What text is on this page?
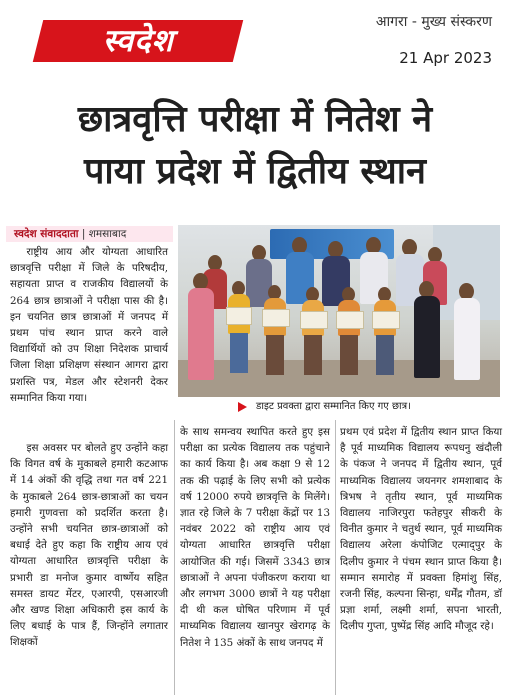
स्वदेश
आगरा - मुख्य संस्करण
21 Apr 2023
छात्रवृत्ति परीक्षा में नितेश ने
पाया प्रदेश में द्वितीय स्थान
स्वदेश संवाददाता | शमसाबाद

राष्ट्रीय आय और योग्यता आधारित छात्रवृत्ति परीक्षा में जिले के परिषदीय, सहायता प्राप्त व राजकीय विद्यालयों के 264 छात्र छात्राओं ने परीक्षा पास की है। इन चयनित छात्र छात्राओं में जनपद में प्रथम पांच स्थान प्राप्त करने वाले विद्यार्थियों को उप शिक्षा निदेशक प्राचार्य जिला शिक्षा प्रशिक्षण संस्थान आगरा द्वारा प्रशस्ति पत्र, मेडल और स्टेशनरी देकर सम्मानित किया गया।

इस अवसर पर बोलते हुए उन्होंने कहा कि विगत वर्ष के मुकाबले हमारी कटआफ में 14 अंकों की वृद्धि तथा गत वर्ष 221 के मुकाबले 264 छात्र-छात्राओं का चयन हमारी गुणवत्ता को प्रदर्शित करता है। उन्होंने सभी चयनित छात्र-छात्राओं को बधाई देते हुए कहा कि राष्ट्रीय आय एवं योग्यता आधारित छात्रवृत्ति परीक्षा के प्रभारी डा मनोज कुमार वार्ष्णेय सहित समस्त डायट मेंटर, एआरपी, एसआरजी और खण्ड शिक्षा अधिकारी इस कार्य के लिए बधाई के पात्र हैं, जिन्होंने लगातार शिक्षकों

डाइट प्रवक्ता द्वारा सम्मानित किए गए छात्र।

के साथ समन्वय स्थापित करते हुए इस परीक्षा का प्रत्येक विद्यालय तक पहुंचाने का कार्य किया है। अब कक्षा 9 से 12 तक की पढ़ाई के लिए सभी को प्रत्येक वर्ष 12000 रुपये छात्रवृत्ति के मिलेंगे। ज्ञात रहे जिले के 7 परीक्षा केंद्रों पर 13 नवंबर 2022 को राष्ट्रीय आय एवं योग्यता आधारित छात्रवृत्ति परीक्षा आयोजित की गई। जिसमें 3343 छात्र छात्राओं ने अपना पंजीकरण कराया था और लगभग 3000 छात्रों ने यह परीक्षा दी थी कल घोषित परिणाम में पूर्व माध्यमिक विद्यालय खानपुर खेरागढ़ के नितेश ने 135 अंकों के साथ जनपद में

प्रथम एवं प्रदेश में द्वितीय स्थान प्राप्त किया है पूर्व माध्यमिक विद्यालय रूपधनु खंदौली के पंकज ने जनपद में द्वितीय स्थान, पूर्व माध्यमिक विद्यालय जयनगर शमशाबाद के त्रिभष ने तृतीय स्थान, पूर्व माध्यमिक विद्यालय नाजिरपुरा फतेहपुर सीकरी के विनीत कुमार ने चतुर्थ स्थान, पूर्व माध्यमिक विद्यालय अरेला कंपोजिट एत्माद्पुर के दिलीप कुमार ने पंचम स्थान प्राप्त किया है। सम्मान समारोह में प्रवक्ता हिमांशु सिंह, रजनी सिंह, कल्पना सिन्हा, धर्मेंद्र गौतम, डॉ प्रज्ञा शर्मा, लक्ष्मी शर्मा, सपना भारती, दिलीप गुप्ता, पुष्पेंद्र सिंह आदि मौजूद रहे।
